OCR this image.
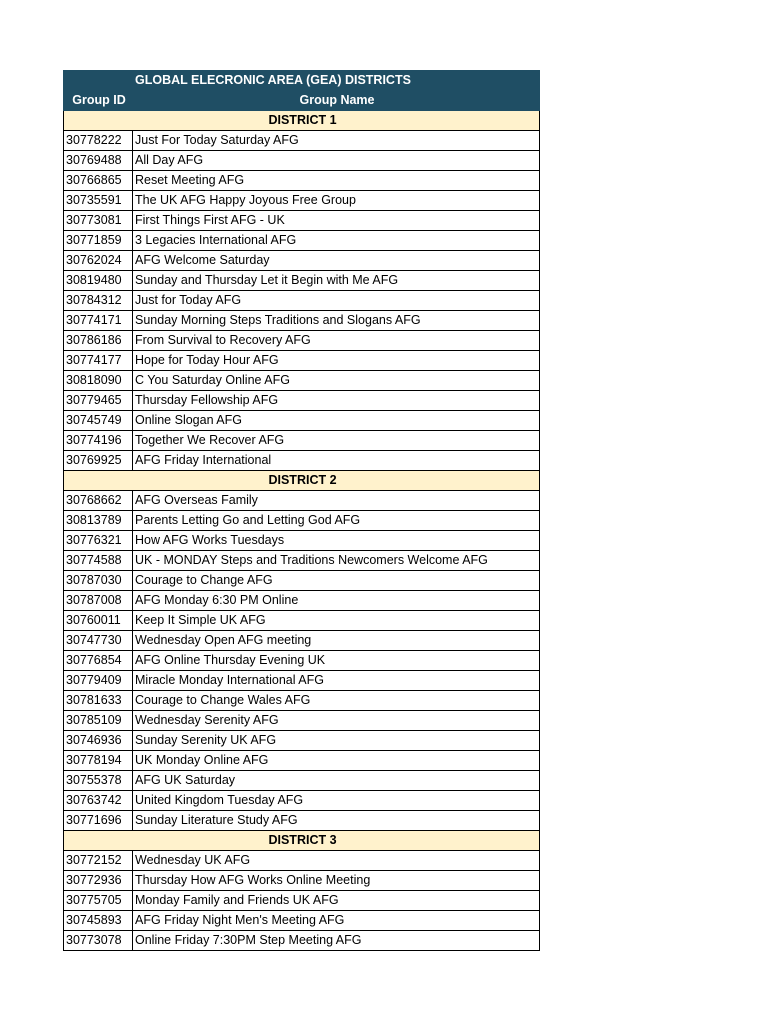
	GLOBAL ELECRONIC AREA (GEA) DISTRICTS
Group ID	Group Name
DISTRICT 1	
30778222	Just For Today Saturday AFG
30769488	All Day AFG
30766865	Reset Meeting AFG
30735591	The UK AFG Happy Joyous Free Group
30773081	First Things First AFG - UK
30771859	3 Legacies International AFG
30762024	AFG Welcome Saturday
30819480	Sunday and Thursday Let it Begin with Me AFG
30784312	Just for Today AFG
30774171	Sunday Morning Steps Traditions and Slogans AFG
30786186	From Survival to Recovery AFG
30774177	Hope for Today Hour AFG
30818090	C You Saturday Online AFG
30779465	Thursday Fellowship AFG
30745749	Online Slogan AFG
30774196	Together We Recover AFG
30769925	AFG Friday International
DISTRICT 2	
30768662	AFG Overseas Family
30813789	Parents Letting Go and Letting God AFG
30776321	How AFG Works Tuesdays
30774588	UK - MONDAY Steps and Traditions Newcomers Welcome AFG
30787030	Courage to Change AFG
30787008	AFG Monday 6:30 PM Online
30760011	Keep It Simple UK AFG
30747730	Wednesday Open AFG meeting
30776854	AFG Online Thursday Evening UK
30779409	Miracle Monday International AFG
30781633	Courage to Change Wales AFG
30785109	Wednesday Serenity AFG
30746936	Sunday Serenity UK AFG
30778194	UK Monday Online AFG
30755378	AFG UK Saturday
30763742	United Kingdom Tuesday AFG
30771696	Sunday Literature Study AFG
DISTRICT 3	
30772152	Wednesday UK AFG
30772936	Thursday How AFG Works Online Meeting
30775705	Monday Family and Friends UK AFG
30745893	AFG Friday Night Men's Meeting AFG
30773078	Online Friday 7:30PM Step Meeting AFG
